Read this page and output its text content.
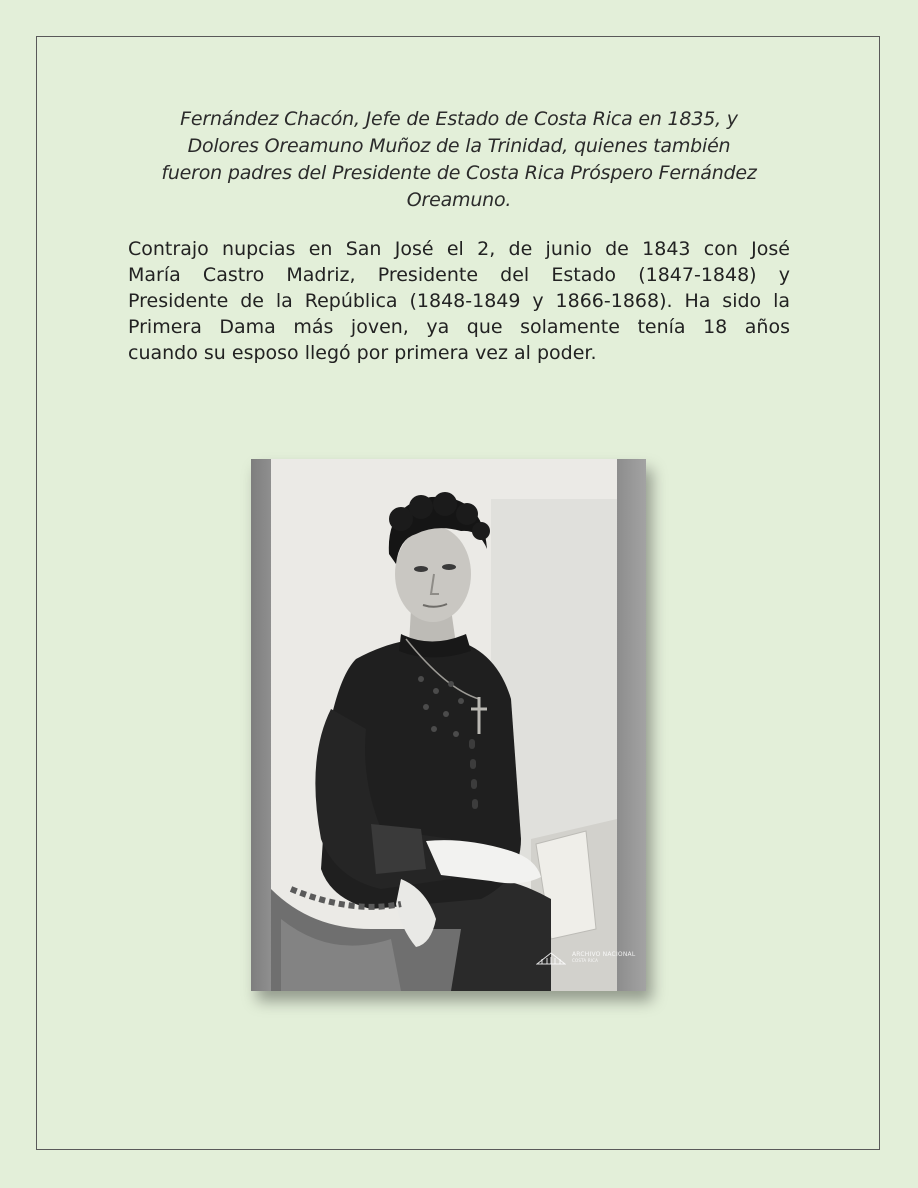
Fernández Chacón, Jefe de Estado de Costa Rica en 1835, y
Dolores Oreamuno Muñoz de la Trinidad, quienes también
fueron padres del Presidente de Costa Rica Próspero Fernández
Oreamuno.
Contrajo nupcias en San José el 2, de junio de 1843 con José
María Castro Madriz, Presidente del Estado (1847-1848) y
Presidente de la República (1848-1849 y 1866-1868). Ha sido la
Primera Dama más joven, ya que solamente tenía 18 años
cuando su esposo llegó por primera vez al poder.
ARCHIVO NACIONAL
COSTA RICA
